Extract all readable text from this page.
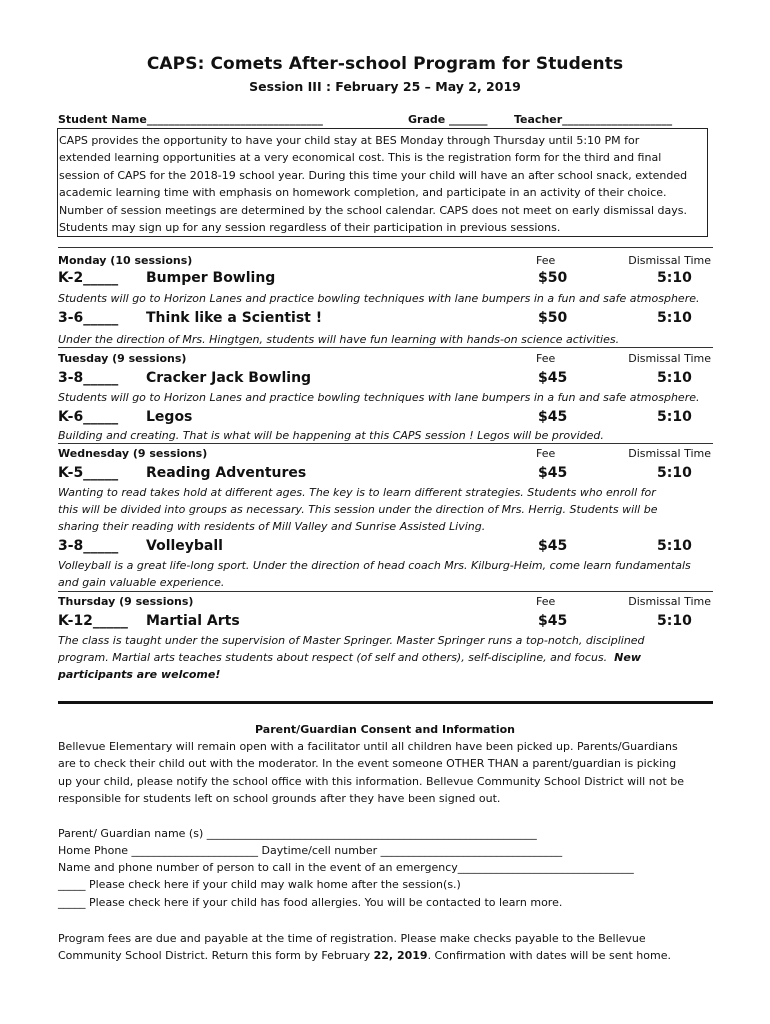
CAPS: Comets After-school Program for Students
Session III : February 25 – May 2, 2019
Student Name________________________________	Grade _______ Teacher____________________

CAPS provides the opportunity to have your child stay at BES Monday through Thursday until 5:10 PM for

extended learning opportunities at a very economical cost. This is the registration form for the third and final

session of CAPS for the 2018-19 school year. During this time your child will have an after school snack, extended

academic learning time with emphasis on homework completion, and participate in an activity of their choice.

Number of session meetings are determined by the school calendar. CAPS does not meet on early dismissal days.

Students may sign up for any session regardless of their participation in previous sessions.

Monday (10 sessions)	Fee	Dismissal Time
K-2_____ Bumper Bowling	$50	5:10
Students will go to Horizon Lanes and practice bowling techniques with lane bumpers in a fun and safe atmosphere.
3-6_____ Think like a Scientist !	$50	5:10
Under the direction of Mrs. Hingtgen, students will have fun learning with hands-on science activities.
Tuesday (9 sessions)	Fee	Dismissal Time
3-8_____ Cracker Jack Bowling	$45	5:10
Students will go to Horizon Lanes and practice bowling techniques with lane bumpers in a fun and safe atmosphere.
K-6_____ Legos	$45	5:10
Building and creating. That is what will be happening at this CAPS session ! Legos will be provided.
Wednesday (9 sessions)	Fee	Dismissal Time
K-5_____ Reading Adventures	$45	5:10
Wanting to read takes hold at different ages. The key is to learn different strategies. Students who enroll for
this will be divided into groups as necessary. This session under the direction of Mrs. Herrig. Students will be
sharing their reading with residents of Mill Valley and Sunrise Assisted Living.
3-8_____ Volleyball	$45	5:10
Volleyball is a great life-long sport. Under the direction of head coach Mrs. Kilburg-Heim, come learn fundamentals
and gain valuable experience.
Thursday (9 sessions)	Fee	Dismissal Time
K-12_____ Martial Arts	$45	5:10
The class is taught under the supervision of Master Springer. Master Springer runs a top-notch, disciplined
program. Martial arts teaches students about respect (of self and others), self-discipline, and focus. New
participants are welcome!
Parent/Guardian Consent and Information
Bellevue Elementary will remain open with a facilitator until all children have been picked up. Parents/Guardians
are to check their child out with the moderator. In the event someone OTHER THAN a parent/guardian is picking
up your child, please notify the school office with this information. Bellevue Community School District will not be
responsible for students left on school grounds after they have been signed out.
Parent/ Guardian name (s) ____________________________________________________________
Home Phone _______________________ Daytime/cell number _________________________________
Name and phone number of person to call in the event of an emergency________________________________
_____ Please check here if your child may walk home after the session(s.)
_____ Please check here if your child has food allergies. You will be contacted to learn more.
Program fees are due and payable at the time of registration. Please make checks payable to the Bellevue
Community School District. Return this form by February 22, 2019. Confirmation with dates will be sent home.
